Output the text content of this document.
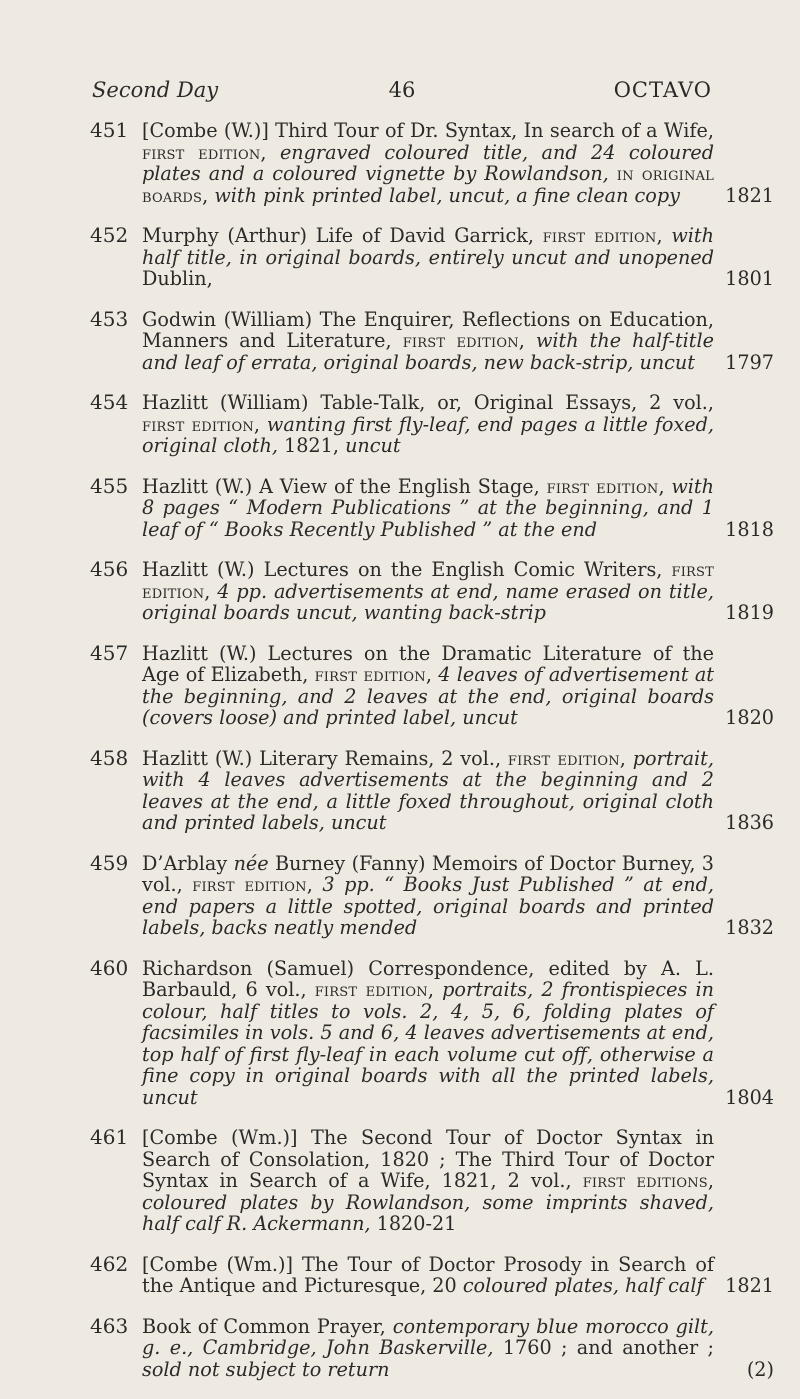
Second Day	46	OCTAVO
451 [Combe (W.)] Third Tour of Dr. Syntax, In search of a Wife, first edition, engraved coloured title, and 24 coloured plates and a coloured vignette by Rowlandson, in original boards, with pink printed label, uncut, a fine clean copy 1821
452 Murphy (Arthur) Life of David Garrick, first edition, with half title, in original boards, entirely uncut and unopened Dublin,	1801
453 Godwin (William) The Enquirer, Reflections on Education, Manners and Literature, first edition, with the half-title and leaf of errata, original boards, new back-strip, uncut 1797
454 Hazlitt (William) Table-Talk, or, Original Essays, 2 vol., first edition, wanting first fly-leaf, end pages a little foxed, original cloth, 1821, uncut
455 Hazlitt (W.) A View of the English Stage, first edition, with 8 pages “ Modern Publications ” at the beginning, and 1 leaf of “ Books Recently Published ” at the end	1818
456 Hazlitt (W.) Lectures on the English Comic Writers, first edition, 4 pp. advertisements at end, name erased on title, original boards uncut, wanting back-strip	1819
457 Hazlitt (W.) Lectures on the Dramatic Literature of the Age of Elizabeth, first edition, 4 leaves of advertisement at the beginning, and 2 leaves at the end, original boards (covers loose) and printed label, uncut	1820
458 Hazlitt (W.) Literary Remains, 2 vol., first edition, portrait, with 4 leaves advertisements at the beginning and 2 leaves at the end, a little foxed throughout, original cloth and printed labels, uncut	1836
459 D’Arblay née Burney (Fanny) Memoirs of Doctor Burney, 3 vol., first edition, 3 pp. “ Books Just Published ” at end, end papers a little spotted, original boards and printed labels, backs neatly mended	1832
460 Richardson (Samuel) Correspondence, edited by A. L. Barbauld, 6 vol., first edition, portraits, 2 frontispieces in colour, half titles to vols. 2, 4, 5, 6, folding plates of facsimiles in vols. 5 and 6, 4 leaves advertisements at end, top half of first fly-leaf in each volume cut off, otherwise a fine copy in original boards with all the printed labels, uncut	1804
461 [Combe (Wm.)] The Second Tour of Doctor Syntax in Search of Consolation, 1820 ; The Third Tour of Doctor Syntax in Search of a Wife, 1821, 2 vol., first editions, coloured plates by Rowlandson, some imprints shaved, half calf R. Ackermann, 1820-21
462 [Combe (Wm.)] The Tour of Doctor Prosody in Search of the Antique and Picturesque, 20 coloured plates, half calf 1821
463 Book of Common Prayer, contemporary blue morocco gilt, g. e., Cambridge, John Baskerville, 1760 ; and another ; sold not subject to return	(2)
